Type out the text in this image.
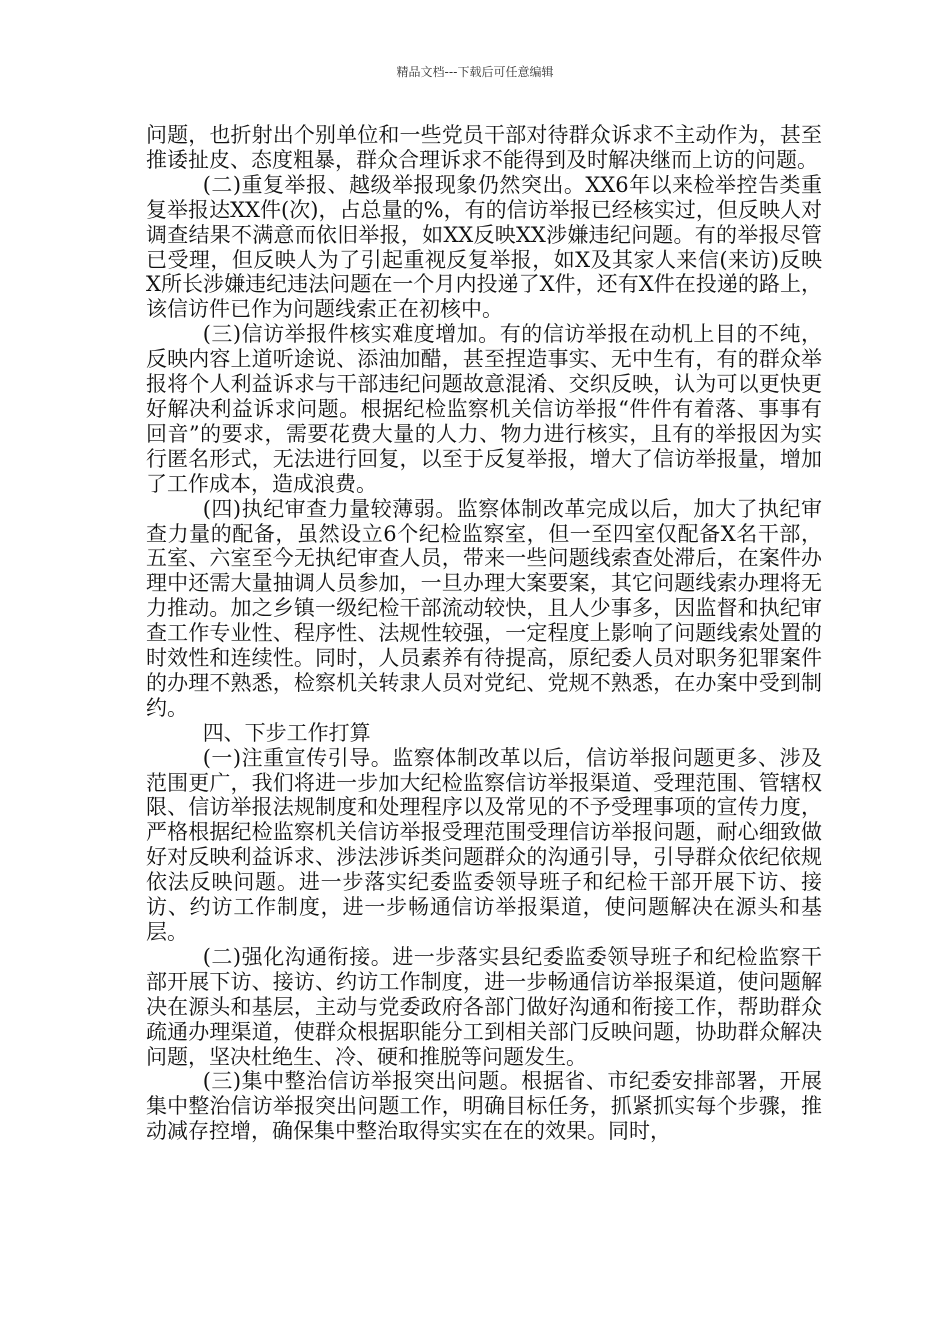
精品文档---下载后可任意编辑

问题，也折射出个别单位和一些党员干部对待群众诉求不主动作为，甚至推诿扯皮、态度粗暴，群众合理诉求不能得到及时解决继而上访的问题。

(二)重复举报、越级举报现象仍然突出。XX6年以来检举控告类重复举报达XX件(次)，占总量的%，有的信访举报已经核实过，但反映人对调查结果不满意而依旧举报，如XX反映XX涉嫌违纪问题。有的举报尽管已受理，但反映人为了引起重视反复举报，如X及其家人来信(来访)反映X所长涉嫌违纪违法问题在一个月内投递了X件，还有X件在投递的路上，该信访件已作为问题线索正在初核中。

(三)信访举报件核实难度增加。有的信访举报在动机上目的不纯，反映内容上道听途说、添油加醋，甚至捏造事实、无中生有，有的群众举报将个人利益诉求与干部违纪问题故意混淆、交织反映，认为可以更快更好解决利益诉求问题。根据纪检监察机关信访举报“件件有着落、事事有回音”的要求，需要花费大量的人力、物力进行核实，且有的举报因为实行匿名形式，无法进行回复，以至于反复举报，增大了信访举报量，增加了工作成本，造成浪费。

(四)执纪审查力量较薄弱。监察体制改革完成以后，加大了执纪审查力量的配备，虽然设立6个纪检监察室，但一至四室仅配备X名干部，五室、六室至今无执纪审查人员，带来一些问题线索查处滞后，在案件办理中还需大量抽调人员参加，一旦办理大案要案，其它问题线索办理将无力推动。加之乡镇一级纪检干部流动较快，且人少事多，因监督和执纪审查工作专业性、程序性、法规性较强，一定程度上影响了问题线索处置的时效性和连续性。同时，人员素养有待提高，原纪委人员对职务犯罪案件的办理不熟悉，检察机关转隶人员对党纪、党规不熟悉，在办案中受到制约。

四、下步工作打算

(一)注重宣传引导。监察体制改革以后，信访举报问题更多、涉及范围更广，我们将进一步加大纪检监察信访举报渠道、受理范围、管辖权限、信访举报法规制度和处理程序以及常见的不予受理事项的宣传力度，严格根据纪检监察机关信访举报受理范围受理信访举报问题，耐心细致做好对反映利益诉求、涉法涉诉类问题群众的沟通引导，引导群众依纪依规依法反映问题。进一步落实纪委监委领导班子和纪检干部开展下访、接访、约访工作制度，进一步畅通信访举报渠道，使问题解决在源头和基层。

(二)强化沟通衔接。进一步落实县纪委监委领导班子和纪检监察干部开展下访、接访、约访工作制度，进一步畅通信访举报渠道，使问题解决在源头和基层，主动与党委政府各部门做好沟通和衔接工作，帮助群众疏通办理渠道，使群众根据职能分工到相关部门反映问题，协助群众解决问题，坚决杜绝生、冷、硬和推脱等问题发生。

(三)集中整治信访举报突出问题。根据省、市纪委安排部署，开展集中整治信访举报突出问题工作，明确目标任务，抓紧抓实每个步骤，推动减存控增，确保集中整治取得实实在在的效果。同时，
